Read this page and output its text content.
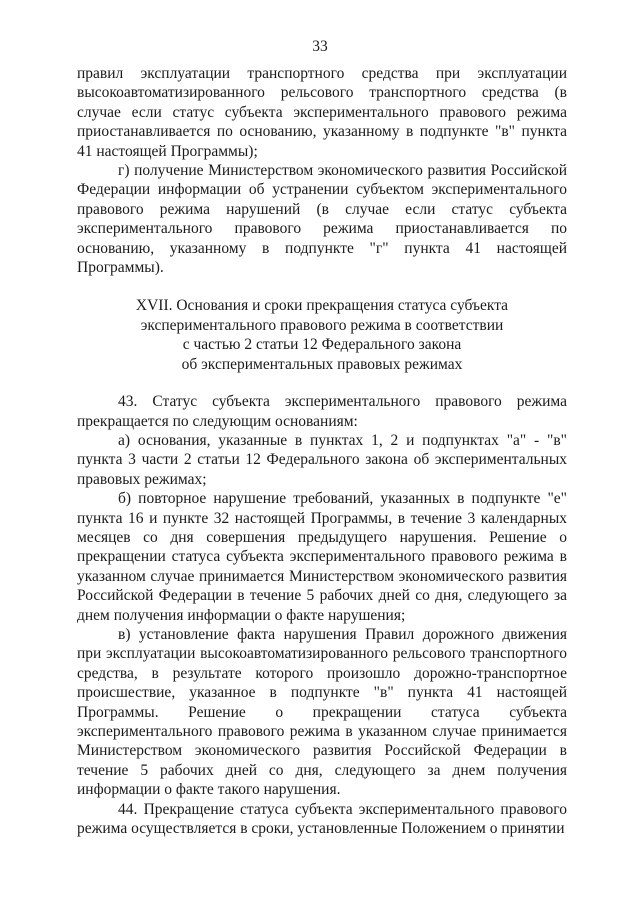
33

правил эксплуатации транспортного средства при эксплуатации высокоавтоматизированного рельсового транспортного средства (в случае если статус субъекта экспериментального правового режима приостанавливается по основанию, указанному в подпункте "в" пункта 41 настоящей Программы);

г) получение Министерством экономического развития Российской Федерации информации об устранении субъектом экспериментального правового режима нарушений (в случае если статус субъекта экспериментального правового режима приостанавливается по основанию, указанному в подпункте "г" пункта 41 настоящей Программы).

XVII. Основания и сроки прекращения статуса субъекта
экспериментального правового режима в соответствии
с частью 2 статьи 12 Федерального закона
об экспериментальных правовых режимах

43. Статус субъекта экспериментального правового режима прекращается по следующим основаниям:

а) основания, указанные в пунктах 1, 2 и подпунктах "а" - "в" пункта 3 части 2 статьи 12 Федерального закона об экспериментальных правовых режимах;

б) повторное нарушение требований, указанных в подпункте "е" пункта 16 и пункте 32 настоящей Программы, в течение 3 календарных месяцев со дня совершения предыдущего нарушения. Решение о прекращении статуса субъекта экспериментального правового режима в указанном случае принимается Министерством экономического развития Российской Федерации в течение 5 рабочих дней со дня, следующего за днем получения информации о факте нарушения;

в) установление факта нарушения Правил дорожного движения при эксплуатации высокоавтоматизированного рельсового транспортного средства, в результате которого произошло дорожно-транспортное происшествие, указанное в подпункте "в" пункта 41 настоящей Программы. Решение о прекращении статуса субъекта экспериментального правового режима в указанном случае принимается Министерством экономического развития Российской Федерации в течение 5 рабочих дней со дня, следующего за днем получения информации о факте такого нарушения.

44. Прекращение статуса субъекта экспериментального правового режима осуществляется в сроки, установленные Положением о принятии
